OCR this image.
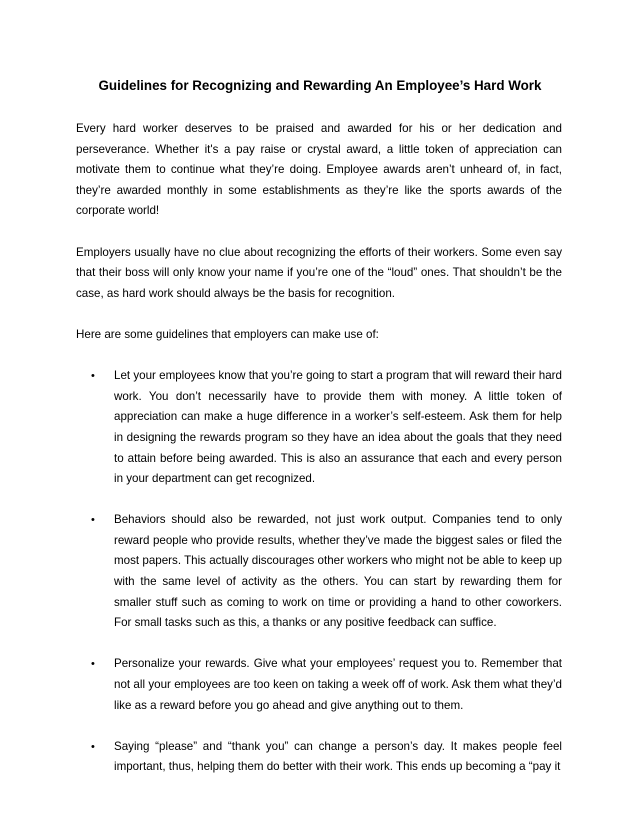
Guidelines for Recognizing and Rewarding An Employee’s Hard Work

Every hard worker deserves to be praised and awarded for his or her dedication and perseverance. Whether it's a pay raise or crystal award, a little token of appreciation can motivate them to continue what they’re doing. Employee awards aren’t unheard of, in fact, they’re awarded monthly in some establishments as they’re like the sports awards of the corporate world!

Employers usually have no clue about recognizing the efforts of their workers. Some even say that their boss will only know your name if you’re one of the “loud” ones. That shouldn’t be the case, as hard work should always be the basis for recognition.

Here are some guidelines that employers can make use of:

• Let your employees know that you’re going to start a program that will reward their hard work. You don’t necessarily have to provide them with money. A little token of appreciation can make a huge difference in a worker’s self-esteem. Ask them for help in designing the rewards program so they have an idea about the goals that they need to attain before being awarded. This is also an assurance that each and every person in your department can get recognized.
• Behaviors should also be rewarded, not just work output. Companies tend to only reward people who provide results, whether they’ve made the biggest sales or filed the most papers. This actually discourages other workers who might not be able to keep up with the same level of activity as the others. You can start by rewarding them for smaller stuff such as coming to work on time or providing a hand to other coworkers. For small tasks such as this, a thanks or any positive feedback can suffice.
• Personalize your rewards. Give what your employees’ request you to. Remember that not all your employees are too keen on taking a week off of work. Ask them what they’d like as a reward before you go ahead and give anything out to them.
• Saying “please” and “thank you” can change a person’s day. It makes people feel important, thus, helping them do better with their work. This ends up becoming a “pay it
